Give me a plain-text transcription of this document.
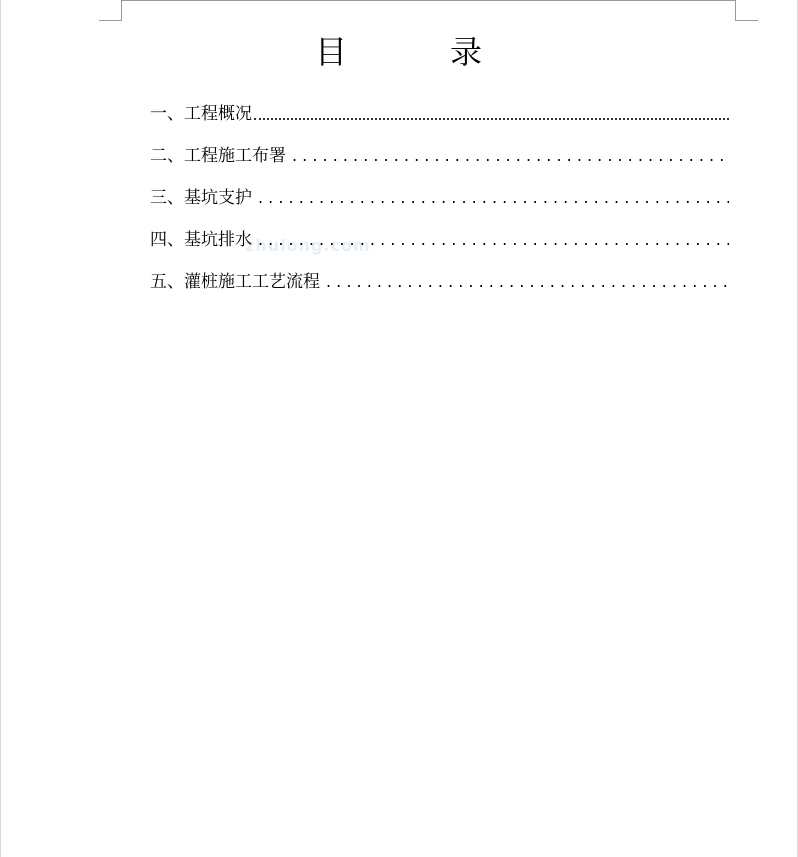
目	录
zhulong.com
一、工程概况
二、工程施工布署
. . .
三、基坑支护
. . .
四、基坑排水
. . .
五、灌桩施工工艺流程
. . .
